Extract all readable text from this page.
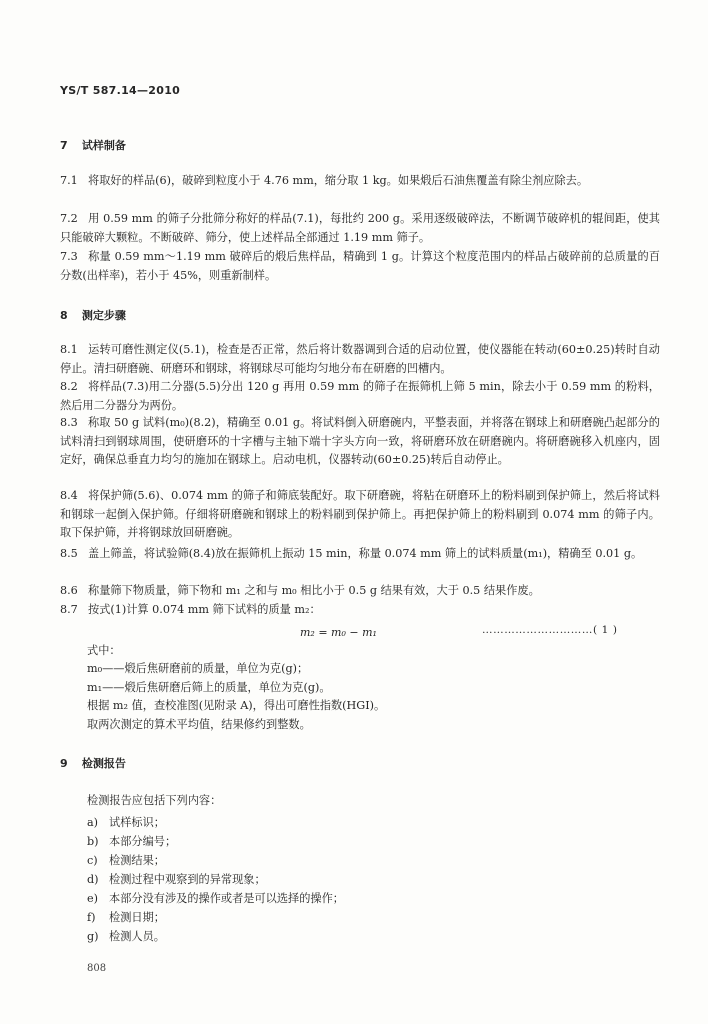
YS/T 587.14—2010
7 试样制备
7.1 将取好的样品(6)，破碎到粒度小于 4.76 mm，缩分取 1 kg。如果煅后石油焦覆盖有除尘剂应除去。
7.2 用 0.59 mm 的筛子分批筛分称好的样品(7.1)，每批约 200 g。采用逐级破碎法，不断调节破碎机的辊间距，使其只能破碎大颗粒。不断破碎、筛分，使上述样品全部通过 1.19 mm 筛子。
7.3 称量 0.59 mm～1.19 mm 破碎后的煅后焦样品，精确到 1 g。计算这个粒度范围内的样品占破碎前的总质量的百分数(出样率)，若小于 45%，则重新制样。
8 测定步骤
8.1 运转可磨性测定仪(5.1)，检查是否正常，然后将计数器调到合适的启动位置，使仪器能在转动(60±0.25)转时自动停止。清扫研磨碗、研磨环和钢球，将钢球尽可能均匀地分布在研磨的凹槽内。
8.2 将样品(7.3)用二分器(5.5)分出 120 g 再用 0.59 mm 的筛子在振筛机上筛 5 min，除去小于 0.59 mm 的粉料，然后用二分器分为两份。
8.3 称取 50 g 试料(m₀)(8.2)，精确至 0.01 g。将试料倒入研磨碗内，平整表面，并将落在钢球上和研磨碗凸起部分的试料清扫到钢球周围，使研磨环的十字槽与主轴下端十字头方向一致，将研磨环放在研磨碗内。将研磨碗移入机座内，固定好，确保总垂直力均匀的施加在钢球上。启动电机，仪器转动(60±0.25)转后自动停止。
8.4 将保护筛(5.6)、0.074 mm 的筛子和筛底装配好。取下研磨碗，将粘在研磨环上的粉料刷到保护筛上，然后将试料和钢球一起倒入保护筛。仔细将研磨碗和钢球上的粉料刷到保护筛上。再把保护筛上的粉料刷到 0.074 mm 的筛子内。取下保护筛，并将钢球放回研磨碗。
8.5 盖上筛盖，将试验筛(8.4)放在振筛机上振动 15 min，称量 0.074 mm 筛上的试料质量(m₁)，精确至 0.01 g。
8.6 称量筛下物质量，筛下物和 m₁ 之和与 m₀ 相比小于 0.5 g 结果有效，大于 0.5 结果作废。
8.7 按式(1)计算 0.074 mm 筛下试料的质量 m₂：
m₂ = m₀ − m₁	…………………………( 1 )
式中：
m₀——煅后焦研磨前的质量，单位为克(g)；
m₁——煅后焦研磨后筛上的质量，单位为克(g)。
根据 m₂ 值，查校准图(见附录 A)，得出可磨性指数(HGI)。
取两次测定的算术平均值，结果修约到整数。
9 检测报告
检测报告应包括下列内容：
a) 试样标识；
b) 本部分编号；
c) 检测结果；
d) 检测过程中观察到的异常现象；
e) 本部分没有涉及的操作或者是可以选择的操作；
f) 检测日期；
g) 检测人员。
808
